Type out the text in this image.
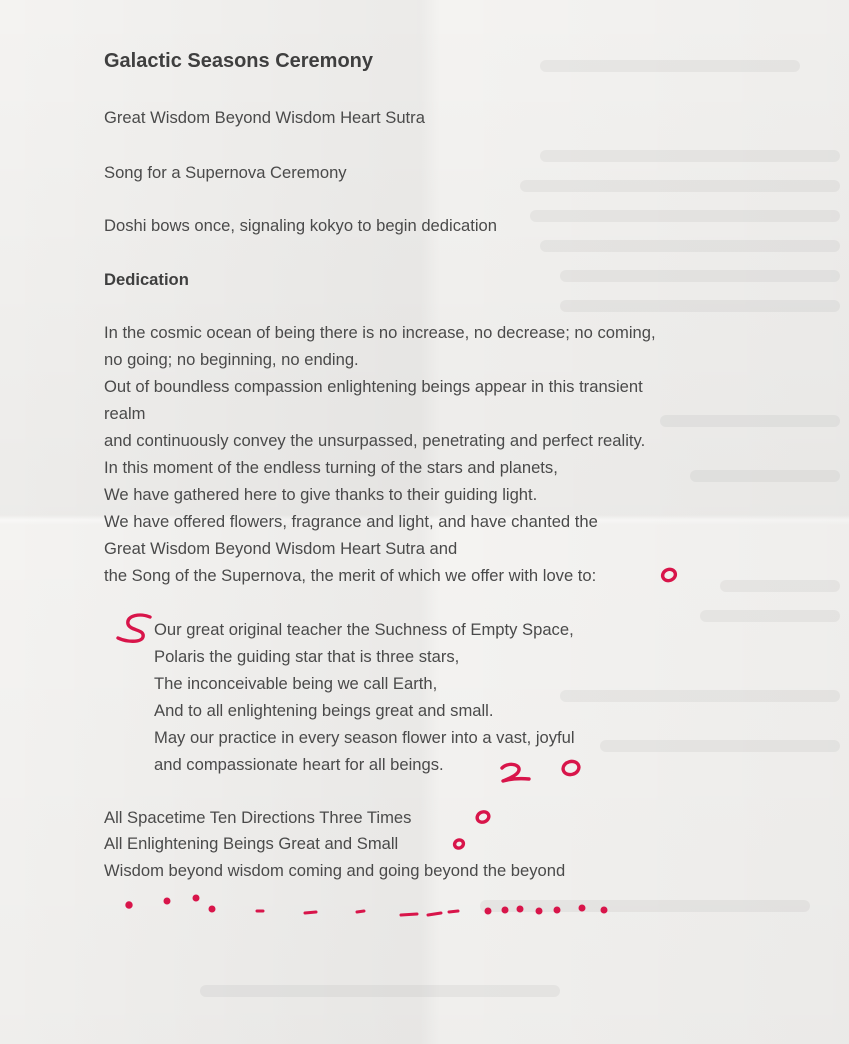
Galactic Seasons Ceremony

Great Wisdom Beyond Wisdom Heart Sutra

Song for a Supernova Ceremony

Doshi bows once, signaling kokyo to begin dedication

Dedication

In the cosmic ocean of being there is no increase, no decrease; no coming,

no going; no beginning, no ending.

Out of boundless compassion enlightening beings appear in this transient

realm

and continuously convey the unsurpassed, penetrating and perfect reality.

In this moment of the endless turning of the stars and planets,

We have gathered here to give thanks to their guiding light.

We have offered flowers, fragrance and light, and have chanted the

Great Wisdom Beyond Wisdom Heart Sutra and

the Song of the Supernova, the merit of which we offer with love to:

Our great original teacher the Suchness of Empty Space,

Polaris the guiding star that is three stars,

The inconceivable being we call Earth,

And to all enlightening beings great and small.

May our practice in every season flower into a vast, joyful

and compassionate heart for all beings.

All Spacetime Ten Directions Three Times

All Enlightening Beings Great and Small

Wisdom beyond wisdom coming and going beyond the beyond
